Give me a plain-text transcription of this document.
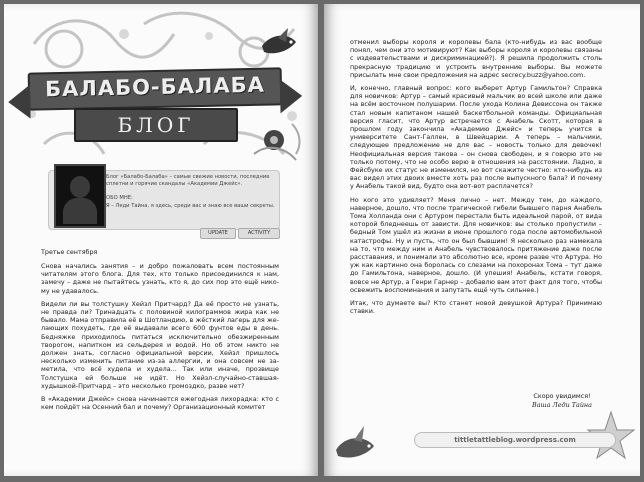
БАЛАБО-БАЛАБА
БЛОГ
Блог «Балабо-Балаба» – самые свежие новости, последние сплетни и горячие скандалы «Академии Джейс».
ОБО МНЕ:
Я – Леди Тайна, я здесь, среди вас и знаю все ваши секреты.
UPDATE	ACTIVITY
Третье сентября

Снова начались занятия – и добро пожаловать всем постоянным читателям этого блога. Для тех, кто только присоединился к нам, замечу – даже не пытайтесь узнать, кто я, до сих пор это ещё никому не удавалось.

Видели ли вы толстушку Хейзл Притчард? Да её просто не узнать, не правда ли? Тринадцать с половиной килограммов жира как не бывало. Мама отправила её в Шотландию, в жёсткий лагерь для желающих похудеть, где её выдавали всего 600 фунтов еды в день. Бедняжке приходилось питаться исключительно обезжиренным творогом, напитком из сельдерея и водой. Но об этом никто не должен знать, согласно официальной версии, Хейзл пришлось несколько изменить питание из-за аллергии, и она совсем не заметила, что всё худела и худела... Так или иначе, прозвище Толстушка ей больше не идёт. Но Хейзл-случайно-ставшая-худышкой-Притчард – это несколько громоздко, разве нет?

В «Академии Джейс» снова начинается ежегодная лихорадка: кто с кем пойдёт на Осенний бал и почему? Организационный комитет

отменил выборы короля и королевы бала (кто-нибудь из вас вообще понял, чем они это мотивируют? Как выборы короля и королевы связаны с издевательствами и дискриминацией?). Я решила продолжить столь прекрасную традицию и устроить внутренние выборы. Вы можете присылать мне свои предложения на адрес secrecy.buzz@yahoo.com.

И, конечно, главный вопрос: кого выберет Артур Гамильтон? Справка для новичков: Артур – самый красивый мальчик во всей школе или даже на всём восточном полушарии. После ухода Колина Девиссона он также стал новым капитаном нашей баскетбольной команды. Официальная версия гласит, что Артур встречается с Анабель Скотт, которая в прошлом году закончила «Академию Джейс» и теперь учится в университете Сант-Галлен, в Швейцарии. А теперь – мальчики, следующее предложение не для вас – новость только для девочек! Неофициальная версия такова – он снова свободен, и я говорю это не только потому, что не особо верю в отношения на расстоянии. Ладно, в Фейсбуке их статус не изменился, но вот скажите честно: кто-нибудь из вас видел этих двоих вместе хоть раз после выпускного бала? И почему у Анабель такой вид, будто она вот-вот расплачется?

Но кого это удивляет? Меня лично – нет. Между тем, до каждого, наверное, дошло, что после трагической гибели бывшего парня Анабель Тома Холланда они с Артуром перестали быть идеальной парой, от вида которой бледнеешь от зависти. Для новичков: вы столько пропустили – бедный Том ушёл из жизни в июне прошлого года после автомобильной катастрофы. Ну и пусть, что он был бывшим! Я несколько раз намекала на то, что между ним и Анабель чувствовалось притяжение даже после расставания, и понимали это абсолютно все, кроме разве что Артура. Но уж как картинно она боролась со слезами на похоронах Тома – тут даже до Гамильтона, наверное, дошло. (И упешия! Анабель, кстати говоря, вовсе не Артур, а Генри Гарнер – добавлю вам этот факт для того, чтобы освежить воспоминания и запутать ещё чуть сильнее.)

Итак, что думаете вы? Кто станет новой девушкой Артура? Принимаю ставки.

Скоро увидимся!
Ваша Леди Тайна
tittletattleblog.wordpress.com
